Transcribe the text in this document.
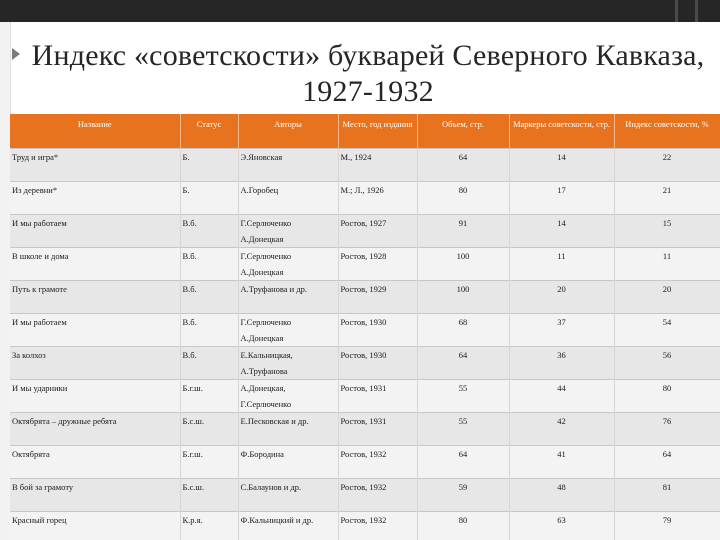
Индекс «советскости» букварей Северного Кавказа, 1927-1932
Название	Статус	Авторы	Место, год издания	Объем, стр.	Маркеры советскости, стр.	Индекс советскости, %
Труд и игра*	Б.	Э.Яновская	М., 1924	64	14	22
Из деревни*	Б.	А.Горобец	М.; Л., 1926	80	17	21
И мы работаем	В.б.	Г.Серлюченко А.Донецкая	Ростов, 1927	91	14	15
В школе и дома	В.б.	Г.Серлюченко А.Донецкая	Ростов, 1928	100	11	11
Путь к грамоте	В.б.	А.Труфанова и др.	Ростов, 1929	100	20	20
И мы работаем	В.б.	Г.Серлюченко А.Донецкая	Ростов, 1930	68	37	54
За колхоз	В.б.	Е.Кальницкая, А.Труфанова	Ростов, 1930	64	36	56
И мы ударники	Б.г.ш.	А.Донецкая, Г.Серлюченко	Ростов, 1931	55	44	80
Октябрята – дружные ребята	Б.с.ш.	Е.Песковская и др.	Ростов, 1931	55	42	76
Октябрята	Б.г.ш.	Ф.Бородина	Ростов, 1932	64	41	64
В бой за грамоту	Б.с.ш.	С.Балаунов и др.	Ростов, 1932	59	48	81
Красный горец	К.р.я.	Ф.Кальницкий и др.	Ростов, 1932	80	63	79
